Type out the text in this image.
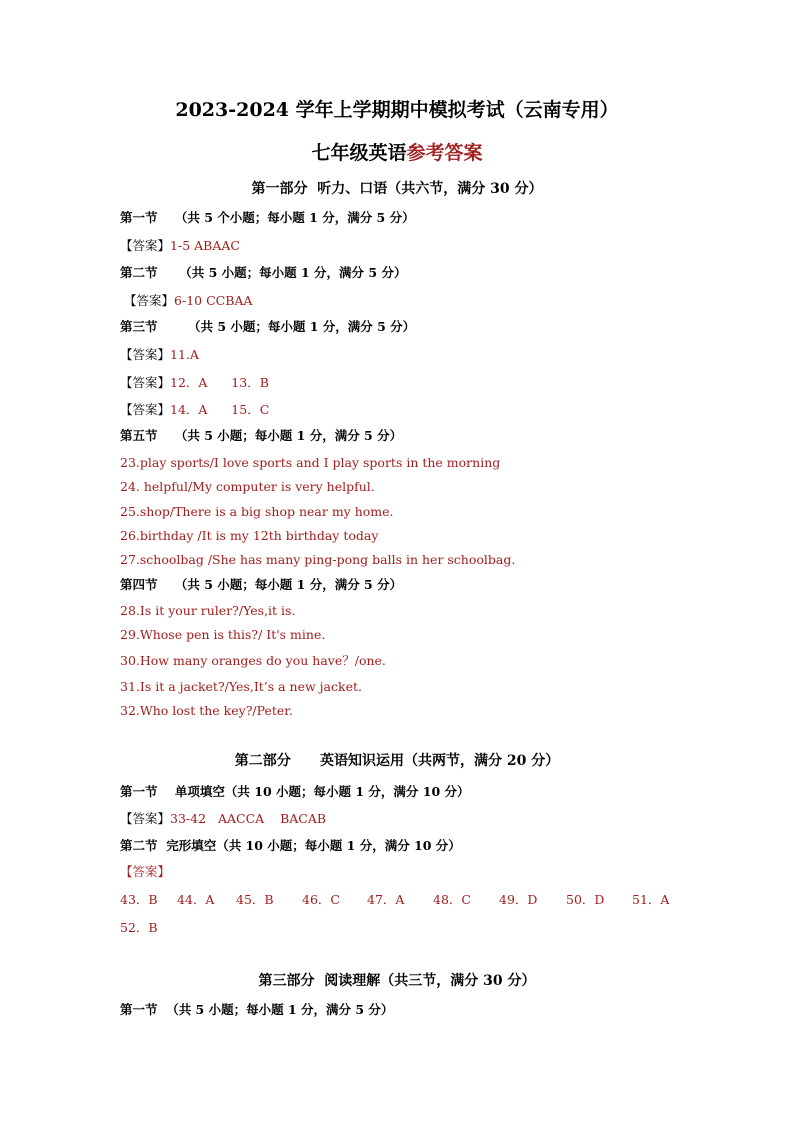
2023-2024 学年上学期期中模拟考试（云南专用）
七年级英语参考答案
第一部分  听力、口语（共六节，满分 30 分）
第一节    （共 5 个小题；每小题 1 分，满分 5 分）
【答案】1-5 ABAAC
第二节     （共 5 小题；每小题 1 分，满分 5 分）
【答案】6-10 CCBAA
第三节       （共 5 小题；每小题 1 分，满分 5 分）
【答案】11.A
【答案】12．A      13．B
【答案】14．A      15．C
第五节    （共 5 小题；每小题 1 分，满分 5 分）
23.play sports/I love sports and I play sports in the morning
24. helpful/My computer is very helpful.
25.shop/There is a big shop near my home.
26.birthday /It is my 12th birthday today
27.schoolbag /She has many ping-pong balls in her schoolbag.
第四节    （共 5 小题；每小题 1 分，满分 5 分）
28.Is it your ruler?/Yes,it is.
29.Whose pen is this?/ It's mine.
30.How many oranges do you have？/one.
31.Is it a jacket?/Yes,It’s a new jacket.
32.Who lost the key?/Peter.
第二部分      英语知识运用（共两节，满分 20 分）
第一节    单项填空（共 10 小题；每小题 1 分，满分 10 分）
【答案】33-42   AACCA    BACAB
第二节  完形填空（共 10 小题；每小题 1 分，满分 10 分）
【答案】
43．B 44．A 45．B 46．C 47．A 48．C 49．D 50．D 51．A
52．B
第三部分  阅读理解（共三节，满分 30 分）
第一节  （共 5 小题；每小题 1 分，满分 5 分）
